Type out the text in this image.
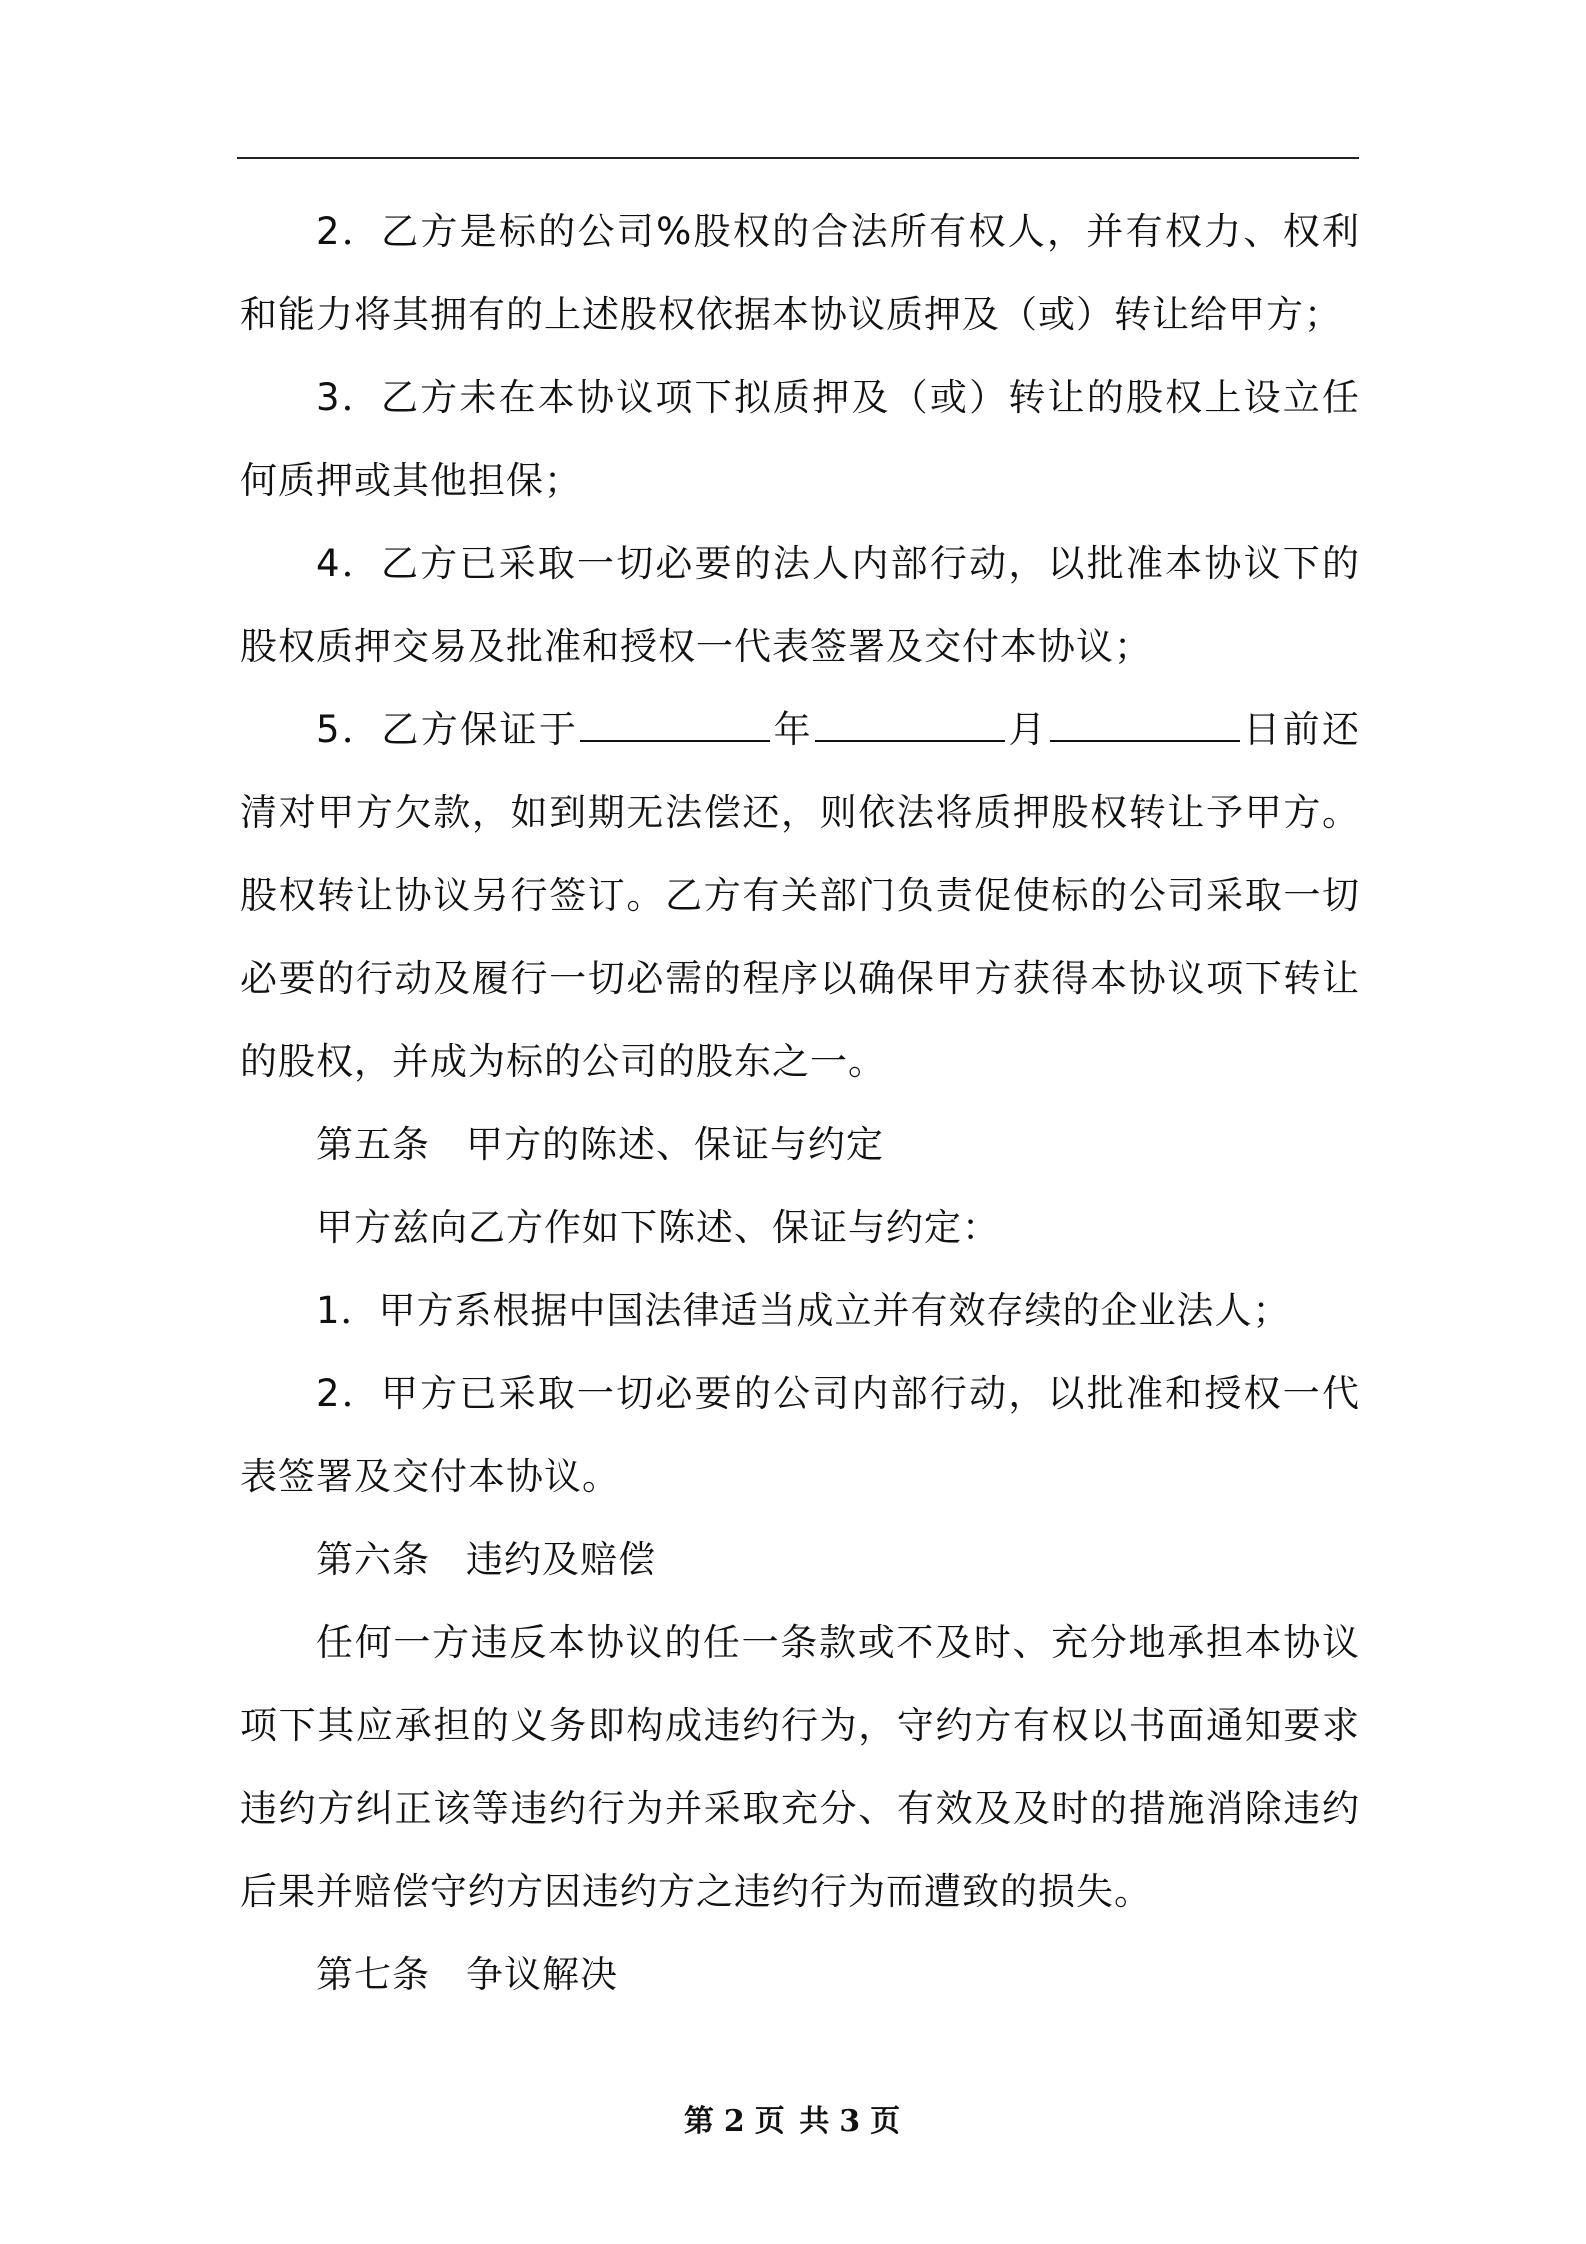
2．乙方是标的公司%股权的合法所有权人，并有权力、权利和能力将其拥有的上述股权依据本协议质押及（或）转让给甲方；

3．乙方未在本协议项下拟质押及（或）转让的股权上设立任何质押或其他担保；

4．乙方已采取一切必要的法人内部行动，以批准本协议下的股权质押交易及批准和授权一代表签署及交付本协议；

5．乙方保证于	年	月	日前还清对甲方欠款，如到期无法偿还，则依法将质押股权转让予甲方。股权转让协议另行签订。乙方有关部门负责促使标的公司采取一切必要的行动及履行一切必需的程序以确保甲方获得本协议项下转让的股权，并成为标的公司的股东之一。

第五条 甲方的陈述、保证与约定

甲方兹向乙方作如下陈述、保证与约定：

1．甲方系根据中国法律适当成立并有效存续的企业法人；

2．甲方已采取一切必要的公司内部行动，以批准和授权一代表签署及交付本协议。

第六条 违约及赔偿

任何一方违反本协议的任一条款或不及时、充分地承担本协议项下其应承担的义务即构成违约行为，守约方有权以书面通知要求违约方纠正该等违约行为并采取充分、有效及及时的措施消除违约后果并赔偿守约方因违约方之违约行为而遭致的损失。

第七条 争议解决

第 2 页 共 3 页
